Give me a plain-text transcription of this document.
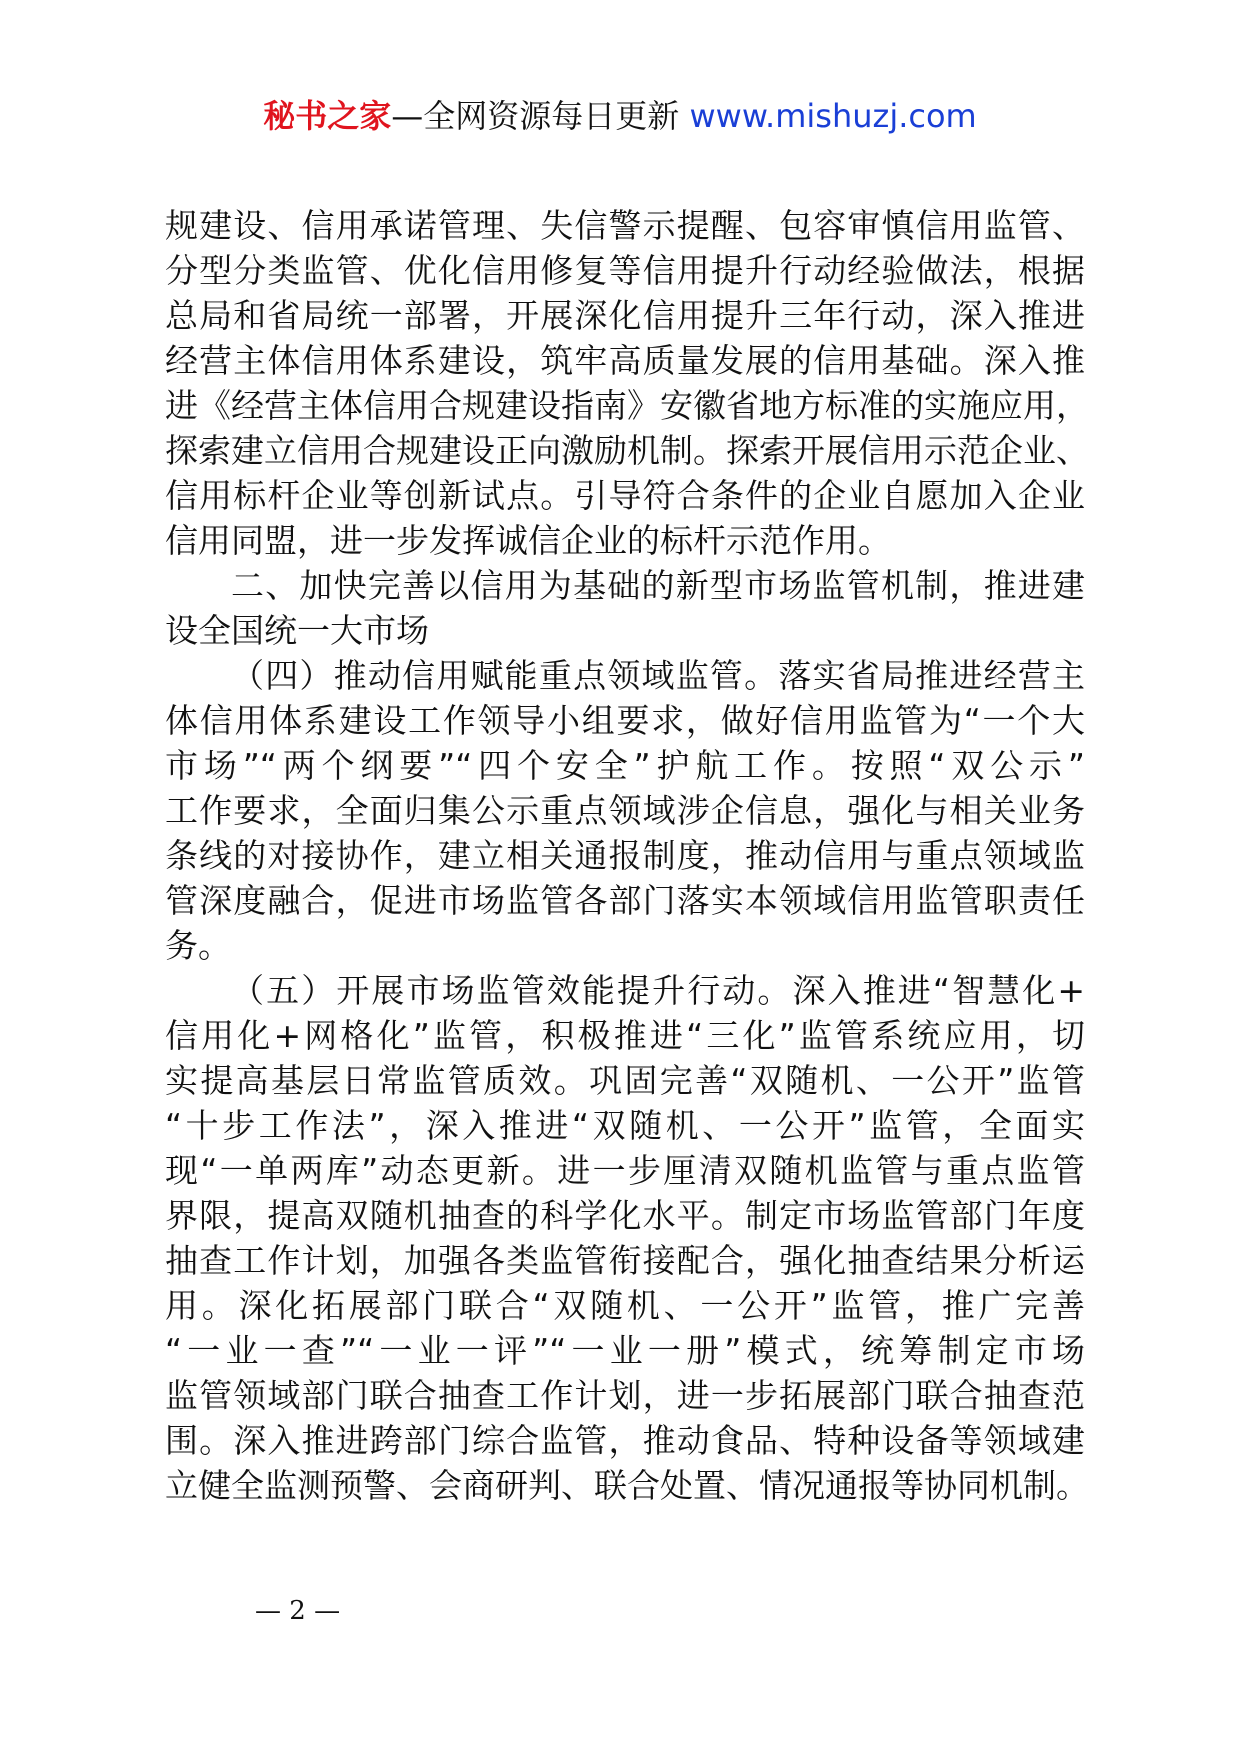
秘书之家—全网资源每日更新 www.mishuzj.com
规建设、信用承诺管理、失信警示提醒、包容审慎信用监管、
分型分类监管、优化信用修复等信用提升行动经验做法，根据
总局和省局统一部署，开展深化信用提升三年行动，深入推进
经营主体信用体系建设，筑牢高质量发展的信用基础。深入推
进《经营主体信用合规建设指南》安徽省地方标准的实施应用，
探索建立信用合规建设正向激励机制。探索开展信用示范企业、
信用标杆企业等创新试点。引导符合条件的企业自愿加入企业
信用同盟，进一步发挥诚信企业的标杆示范作用。
二、加快完善以信用为基础的新型市场监管机制，推进建
设全国统一大市场
（四）推动信用赋能重点领域监管。落实省局推进经营主
体信用体系建设工作领导小组要求，做好信用监管为“一个大
市场”“两个纲要”“四个安全”护航工作。按照“双公示”
工作要求，全面归集公示重点领域涉企信息，强化与相关业务
条线的对接协作，建立相关通报制度，推动信用与重点领域监
管深度融合，促进市场监管各部门落实本领域信用监管职责任
务。
（五）开展市场监管效能提升行动。深入推进“智慧化+
信用化+网格化”监管，积极推进“三化”监管系统应用，切
实提高基层日常监管质效。巩固完善“双随机、一公开”监管
“十步工作法”，深入推进“双随机、一公开”监管，全面实
现“一单两库”动态更新。进一步厘清双随机监管与重点监管
界限，提高双随机抽查的科学化水平。制定市场监管部门年度
抽查工作计划，加强各类监管衔接配合，强化抽查结果分析运
用。深化拓展部门联合“双随机、一公开”监管，推广完善
“一业一查”“一业一评”“一业一册”模式，统筹制定市场
监管领域部门联合抽查工作计划，进一步拓展部门联合抽查范
围。深入推进跨部门综合监管，推动食品、特种设备等领域建
立健全监测预警、会商研判、联合处置、情况通报等协同机制。
— 2 —
